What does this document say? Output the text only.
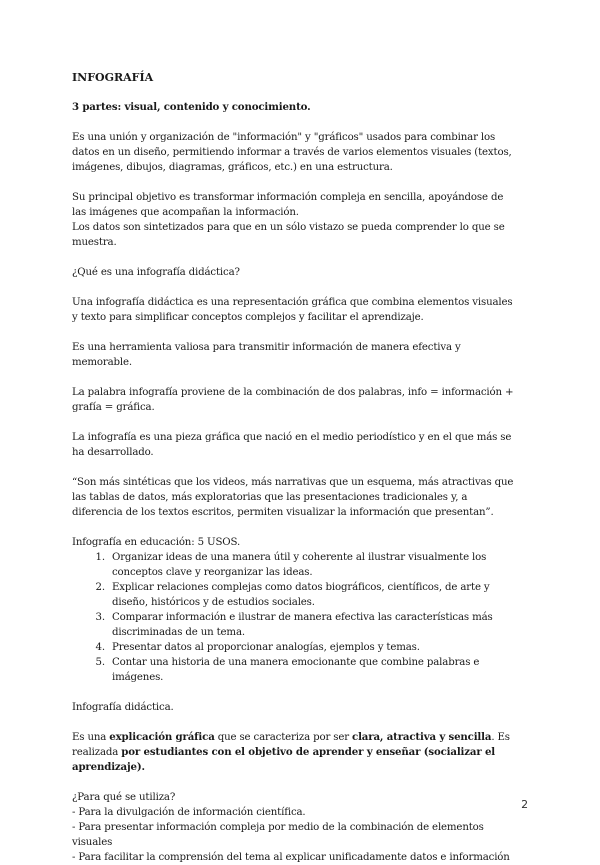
INFOGRAFÍA

3 partes: visual, contenido y conocimiento.

Es una unión y organización de "información" y "gráficos" usados para combinar los datos en un diseño, permitiendo informar a través de varios elementos visuales (textos, imágenes, dibujos, diagramas, gráficos, etc.) en una estructura.

Su principal objetivo es transformar información compleja en sencilla, apoyándose de las imágenes que acompañan la información.

Los datos son sintetizados para que en un sólo vistazo se pueda comprender lo que se muestra.

¿Qué es una infografía didáctica?

Una infografía didáctica es una representación gráfica que combina elementos visuales y texto para simplificar conceptos complejos y facilitar el aprendizaje.

Es una herramienta valiosa para transmitir información de manera efectiva y memorable.

La palabra infografía proviene de la combinación de dos palabras, info = información + grafía = gráfica.

La infografía es una pieza gráfica que nació en el medio periodístico y en el que más se ha desarrollado.

“Son más sintéticas que los videos, más narrativas que un esquema, más atractivas que las tablas de datos, más exploratorias que las presentaciones tradicionales y, a diferencia de los textos escritos, permiten visualizar la información que presentan”.

Infografía en educación: 5 USOS.

1. Organizar ideas de una manera útil y coherente al ilustrar visualmente los conceptos clave y reorganizar las ideas.
2. Explicar relaciones complejas como datos biográficos, científicos, de arte y diseño, históricos y de estudios sociales.
3. Comparar información e ilustrar de manera efectiva las características más discriminadas de un tema.
4. Presentar datos al proporcionar analogías, ejemplos y temas.
5. Contar una historia de una manera emocionante que combine palabras e imágenes.

Infografía didáctica.

Es una explicación gráfica que se caracteriza por ser clara, atractiva y sencilla. Es realizada por estudiantes con el objetivo de aprender y enseñar (socializar el aprendizaje).

¿Para qué se utiliza?
- Para la divulgación de información científica.
- Para presentar información compleja por medio de la combinación de elementos visuales
- Para facilitar la comprensión del tema al explicar unificadamente datos e información
2
